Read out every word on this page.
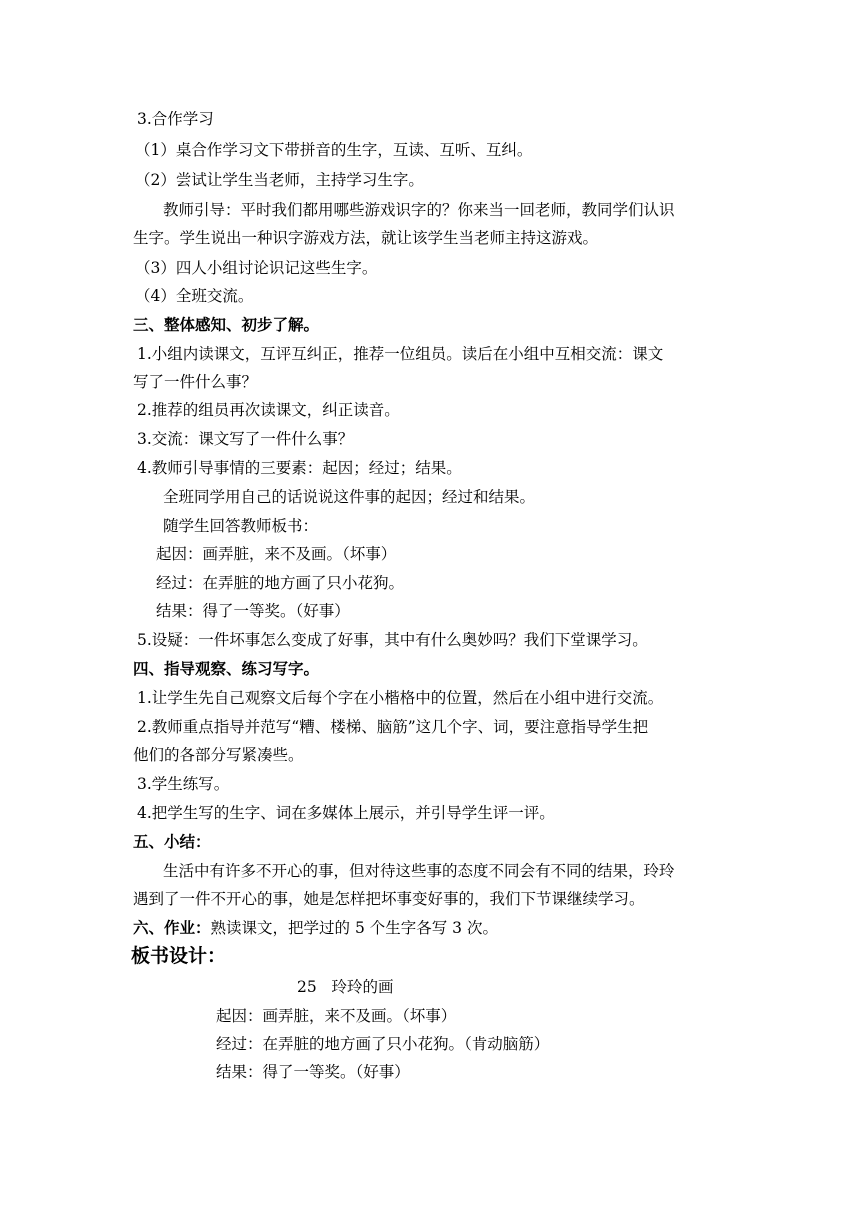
3.合作学习
（1）桌合作学习文下带拼音的生字，互读、互听、互纠。
（2）尝试让学生当老师，主持学习生字。
教师引导：平时我们都用哪些游戏识字的？你来当一回老师，教同学们认识
生字。学生说出一种识字游戏方法，就让该学生当老师主持这游戏。
（3）四人小组讨论识记这些生字。
（4）全班交流。
三、整体感知、初步了解。
1.小组内读课文，互评互纠正，推荐一位组员。读后在小组中互相交流：课文
写了一件什么事？
2.推荐的组员再次读课文，纠正读音。
3.交流：课文写了一件什么事？
4.教师引导事情的三要素：起因；经过；结果。
全班同学用自己的话说说这件事的起因；经过和结果。
随学生回答教师板书：
起因：画弄脏，来不及画。（坏事）
经过：在弄脏的地方画了只小花狗。
结果：得了一等奖。（好事）
5.设疑：一件坏事怎么变成了好事，其中有什么奥妙吗？我们下堂课学习。
四、指导观察、练习写字。
1.让学生先自己观察文后每个字在小楷格中的位置，然后在小组中进行交流。
2.教师重点指导并范写“糟、楼梯、脑筋”这几个字、词，要注意指导学生把
他们的各部分写紧凑些。
3.学生练写。
4.把学生写的生字、词在多媒体上展示，并引导学生评一评。
五、小结：
生活中有许多不开心的事，但对待这些事的态度不同会有不同的结果，玲玲
遇到了一件不开心的事，她是怎样把坏事变好事的，我们下节课继续学习。
六、作业：熟读课文，把学过的 5 个生字各写 3 次。
板书设计：
25   玲玲的画
起因：画弄脏，来不及画。（坏事）
经过：在弄脏的地方画了只小花狗。（肯动脑筋）
结果：得了一等奖。（好事）
